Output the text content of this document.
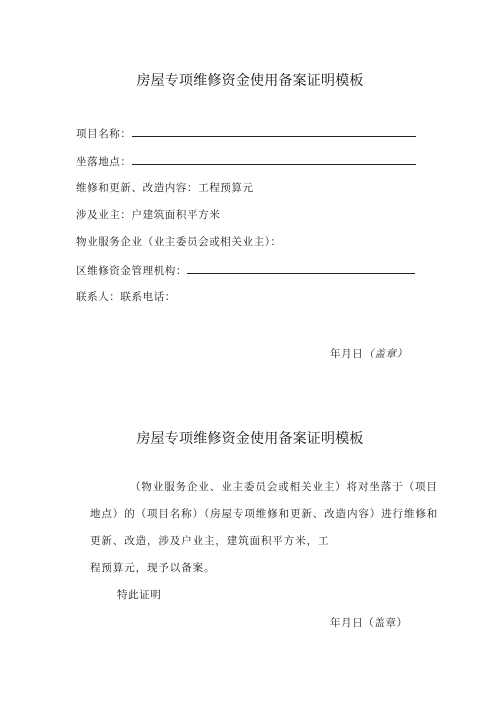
房屋专项维修资金使用备案证明模板
项目名称：
坐落地点：
维修和更新、改造内容：工程预算元
涉及业主：户建筑面积平方米
物业服务企业（业主委员会或相关业主）：
区维修资金管理机构：
联系人：联系电话：
年月日（盖章）
房屋专项维修资金使用备案证明模板
（物业服务企业、业主委员会或相关业主）将对坐落于（项目
地点）的（项目名称）（房屋专项维修和更新、改造内容）进行维修和
更新、改造，涉及户业主，建筑面积平方米，工
程预算元，现予以备案。
特此证明
年月日（盖章）
